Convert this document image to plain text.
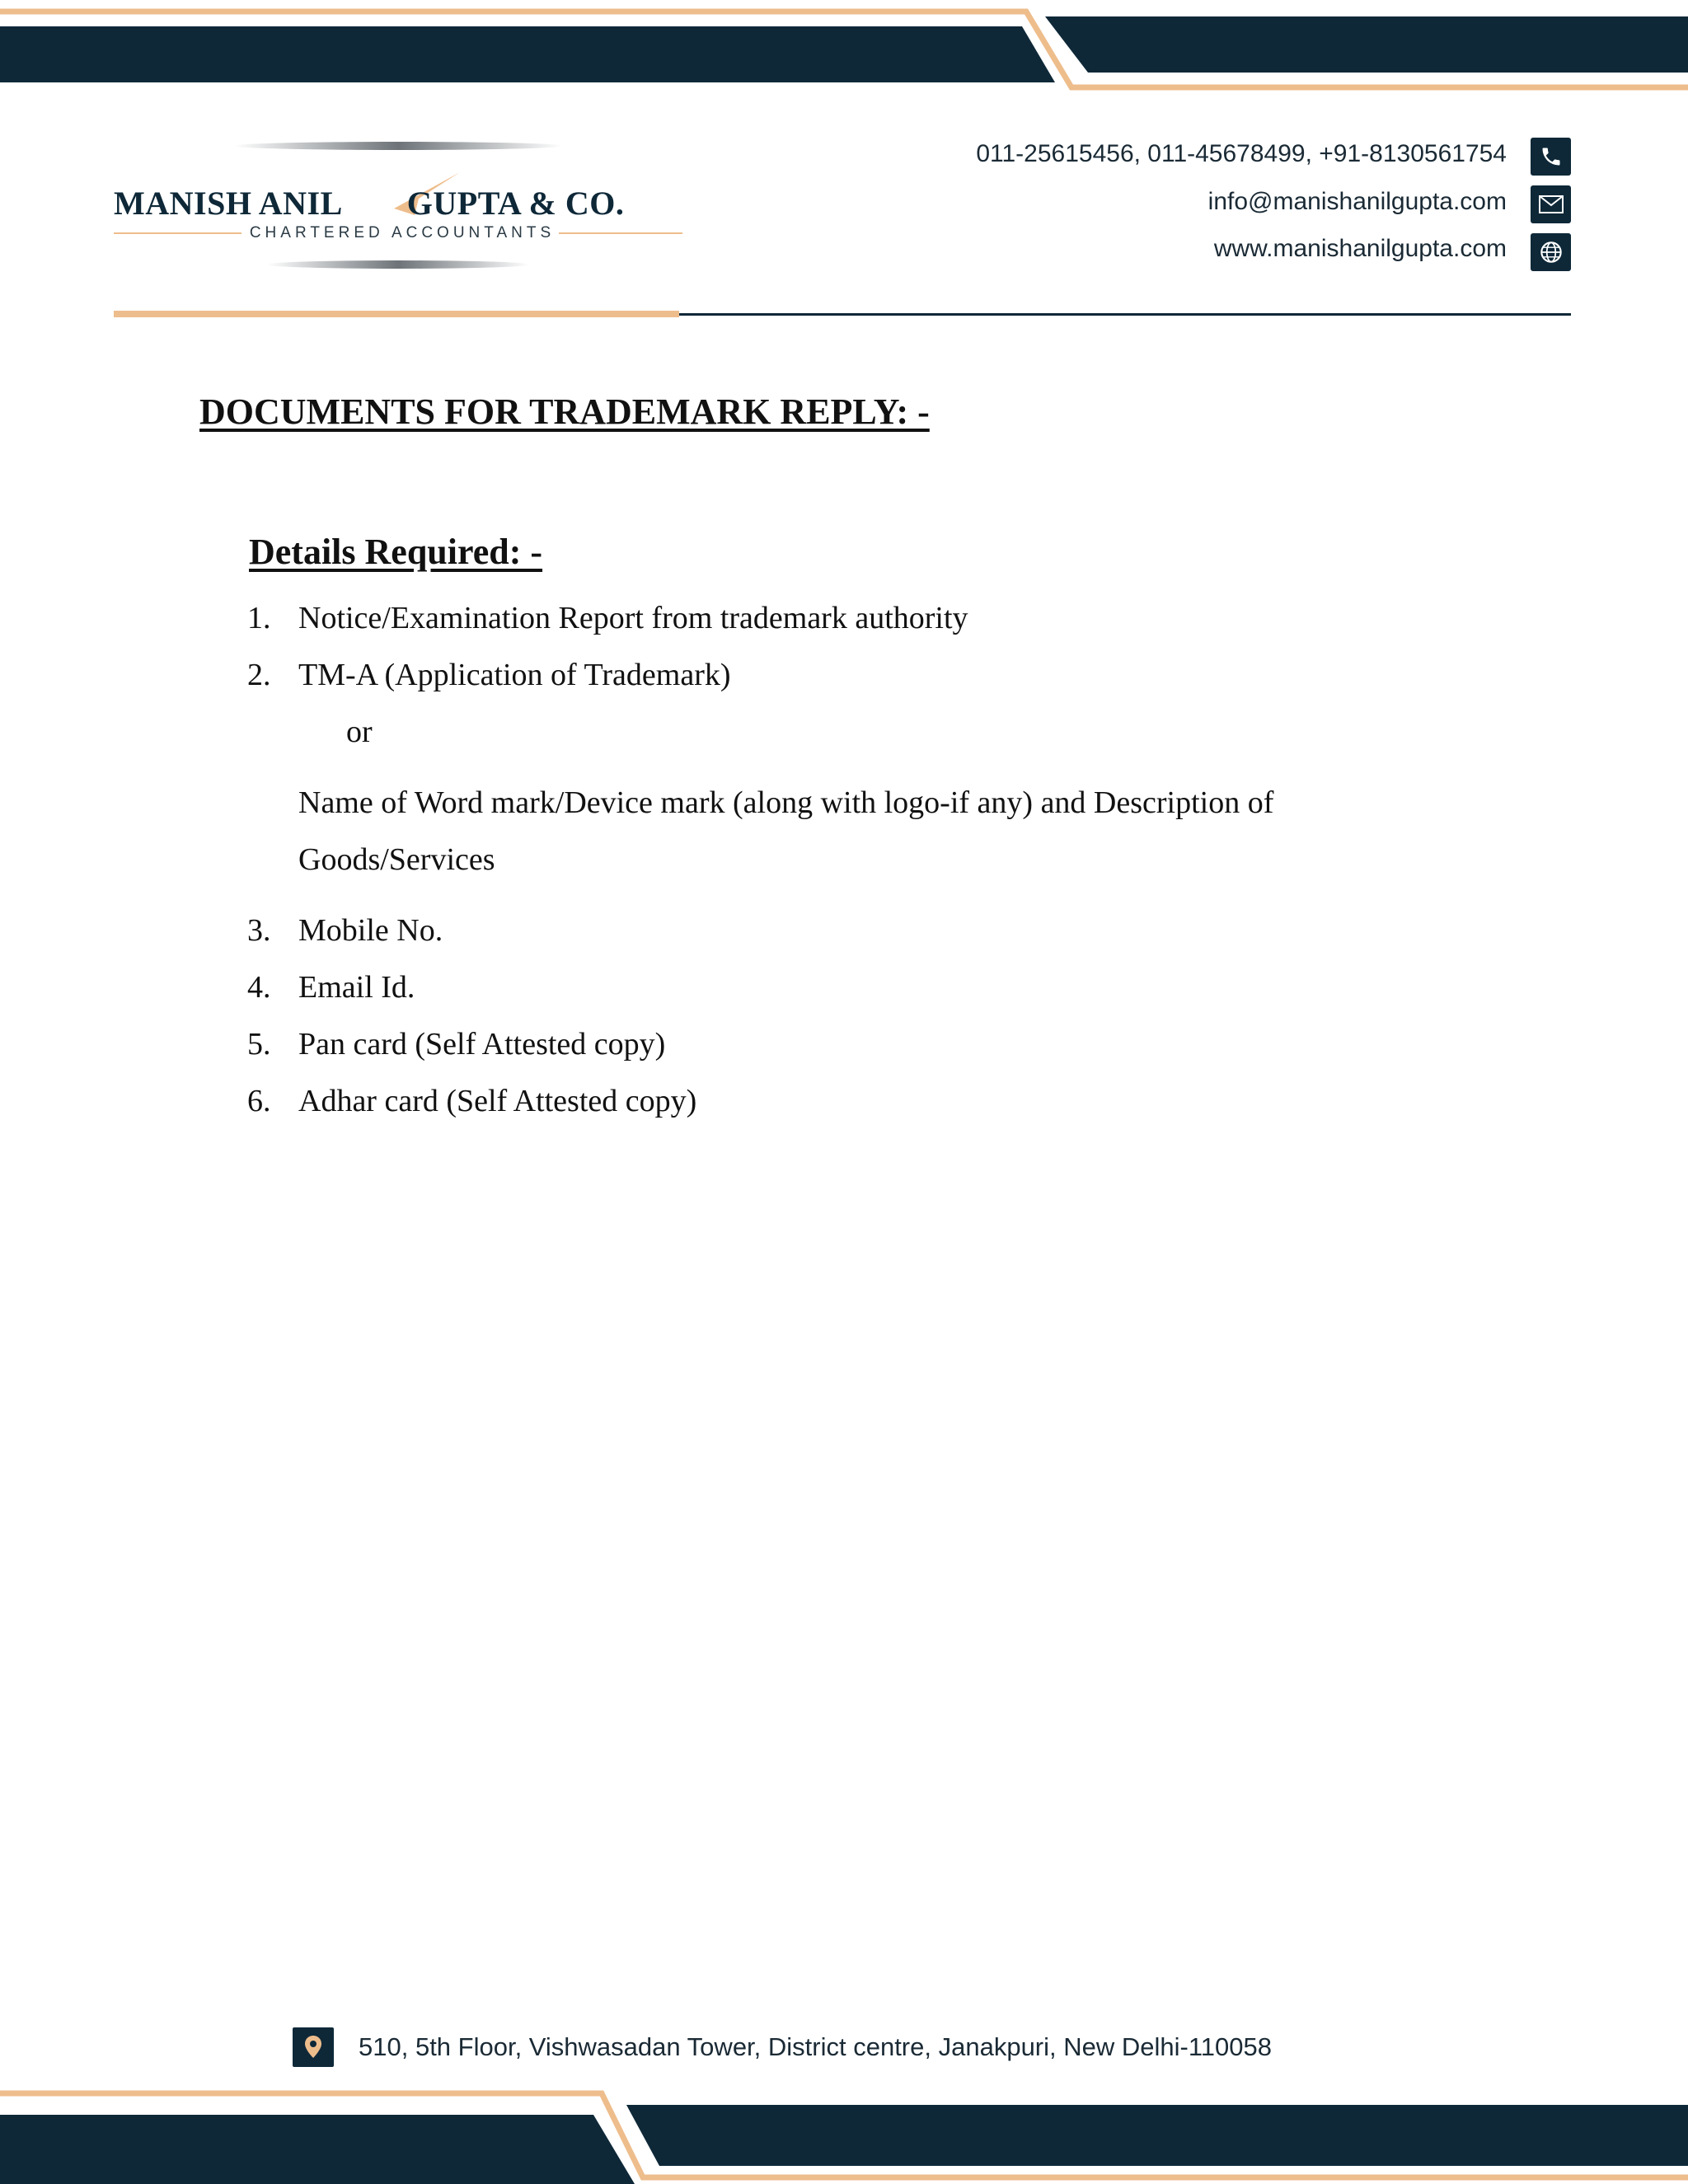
MANISH ANIL GUPTA & CO.
CHARTERED ACCOUNTANTS
011-25615456, 011-45678499, +91-8130561754
info@manishanilgupta.com
www.manishanilgupta.com
DOCUMENTS FOR TRADEMARK REPLY: -
Details Required: -
1. Notice/Examination Report from trademark authority
2. TM-A (Application of Trademark)
or
Name of Word mark/Device mark (along with logo-if any) and Description of
Goods/Services
3. Mobile No.
4. Email Id.
5. Pan card (Self Attested copy)
6. Adhar card (Self Attested copy)
510, 5th Floor, Vishwasadan Tower, District centre, Janakpuri, New Delhi-110058
